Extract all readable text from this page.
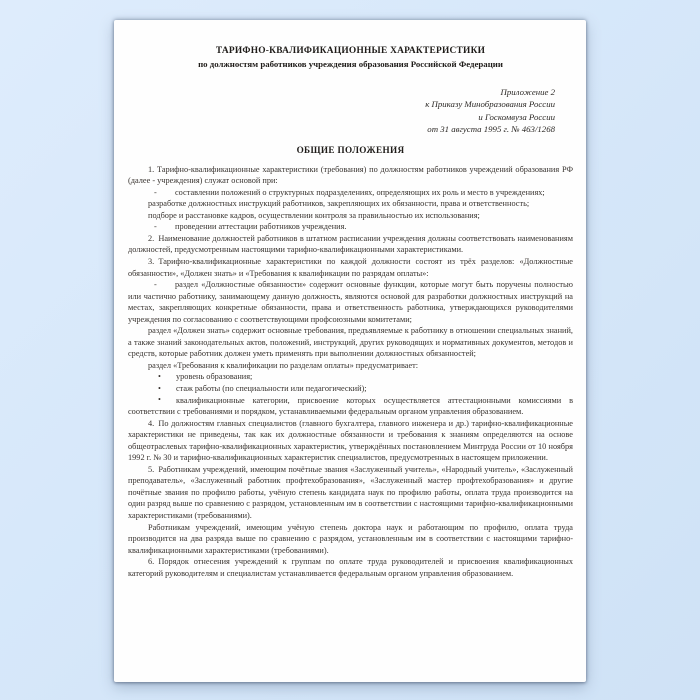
ТАРИФНО-КВАЛИФИКАЦИОННЫЕ ХАРАКТЕРИСТИКИ
по должностям работников учреждения образования Российской Федерации
Приложение 2
к Приказу Минобразования России
и Госкомвуза России
от 31 августа 1995 г. № 463/1268
ОБЩИЕ ПОЛОЖЕНИЯ

1. Тарифно-квалификационные характеристики (требования) по должностям работников учреждений образования РФ (далее - учреждения) служат основой при:

- составлении положений о структурных подразделениях, определяющих их роль и место в учреждениях;

разработке должностных инструкций работников, закрепляющих их обязанности, права и ответственность;

подборе и расстановке кадров, осуществлении контроля за правильностью их использования;

- проведении аттестации работников учреждения.

2. Наименование должностей работников в штатном расписании учреждения должны соответствовать наименованиям должностей, предусмотренным настоящими тарифно-квалификационными характеристиками.

3. Тарифно-квалификационные характеристики по каждой должности состоят из трёх разделов: «Должностные обязанности», «Должен знать» и «Требования к квалификации по разрядам оплаты»:

- раздел «Должностные обязанности» содержит основные функции, которые могут быть поручены полностью или частично работнику, занимающему данную должность, являются основой для разработки должностных инструкций на местах, закрепляющих конкретные обязанности, права и ответственность работника, утверждающихся руководителями учреждения по согласованию с соответствующими профсоюзными комитетами;

раздел «Должен знать» содержит основные требования, предъявляемые к работнику в отношении специальных знаний, а также знаний законодательных актов, положений, инструкций, других руководящих и нормативных документов, методов и средств, которые работник должен уметь применять при выполнении должностных обязанностей;

раздел «Требования к квалификации по разделам оплаты» предусматривает:

• уровень образования;

• стаж работы (по специальности или педагогический);

• квалификационные категории, присвоение которых осуществляется аттестационными комиссиями в соответствии с требованиями и порядком, устанавливаемыми федеральным органом управления образованием.

4. По должностям главных специалистов (главного бухгалтера, главного инженера и др.) тарифно-квалификационные характеристики не приведены, так как их должностные обязанности и требования к знаниям определяются на основе общеотраслевых тарифно-квалификационных характеристик, утверждённых постановлением Минтруда России от 10 ноября 1992 г. № 30 и тарифно-квалификационных характеристик специалистов, предусмотренных в настоящем приложении.

5. Работникам учреждений, имеющим почётные звания «Заслуженный учитель», «Народный учитель», «Заслуженный преподаватель», «Заслуженный работник профтехобразования», «Заслуженный мастер профтехобразования» и другие почётные звания по профилю работы, учёную степень кандидата наук по профилю работы, оплата труда производится на один разряд выше по сравнению с разрядом, установленным им в соответствии с настоящими тарифно-квалификационными характеристиками (требованиями).

Работникам учреждений, имеющим учёную степень доктора наук и работающим по профилю, оплата труда производится на два разряда выше по сравнению с разрядом, установленным им в соответствии с настоящими тарифно-квалификационными характеристиками (требованиями).

6. Порядок отнесения учреждений к группам по оплате труда руководителей и присвоения квалификационных категорий руководителям и специалистам устанавливается федеральным органом управления образованием.
